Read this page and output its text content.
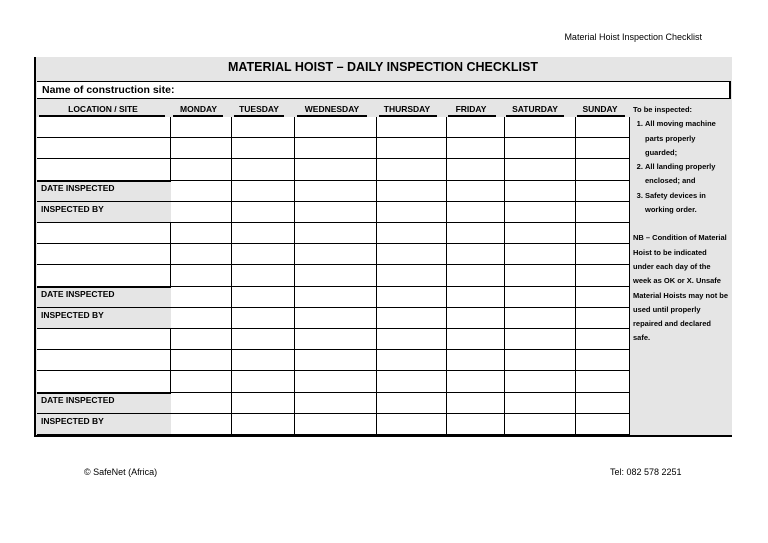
Material Hoist Inspection Checklist
MATERIAL HOIST – DAILY INSPECTION CHECKLIST
Name of construction site:
LOCATION / SITE	MONDAY	TUESDAY	WEDNESDAY	THURSDAY	FRIDAY	SATURDAY	SUNDAY
DATE INSPECTED
INSPECTED BY
DATE INSPECTED
INSPECTED BY
DATE INSPECTED
INSPECTED BY

To be inspected:

1. All moving machine parts properly guarded;
2. All landing properly enclosed; and
3. Safety devices in working order.

NB – Condition of Material Hoist to be indicated under each day of the week as OK or X. Unsafe Material Hoists may not be used until properly repaired and declared safe.

© SafeNet (Africa)	Tel: 082 578 2251
